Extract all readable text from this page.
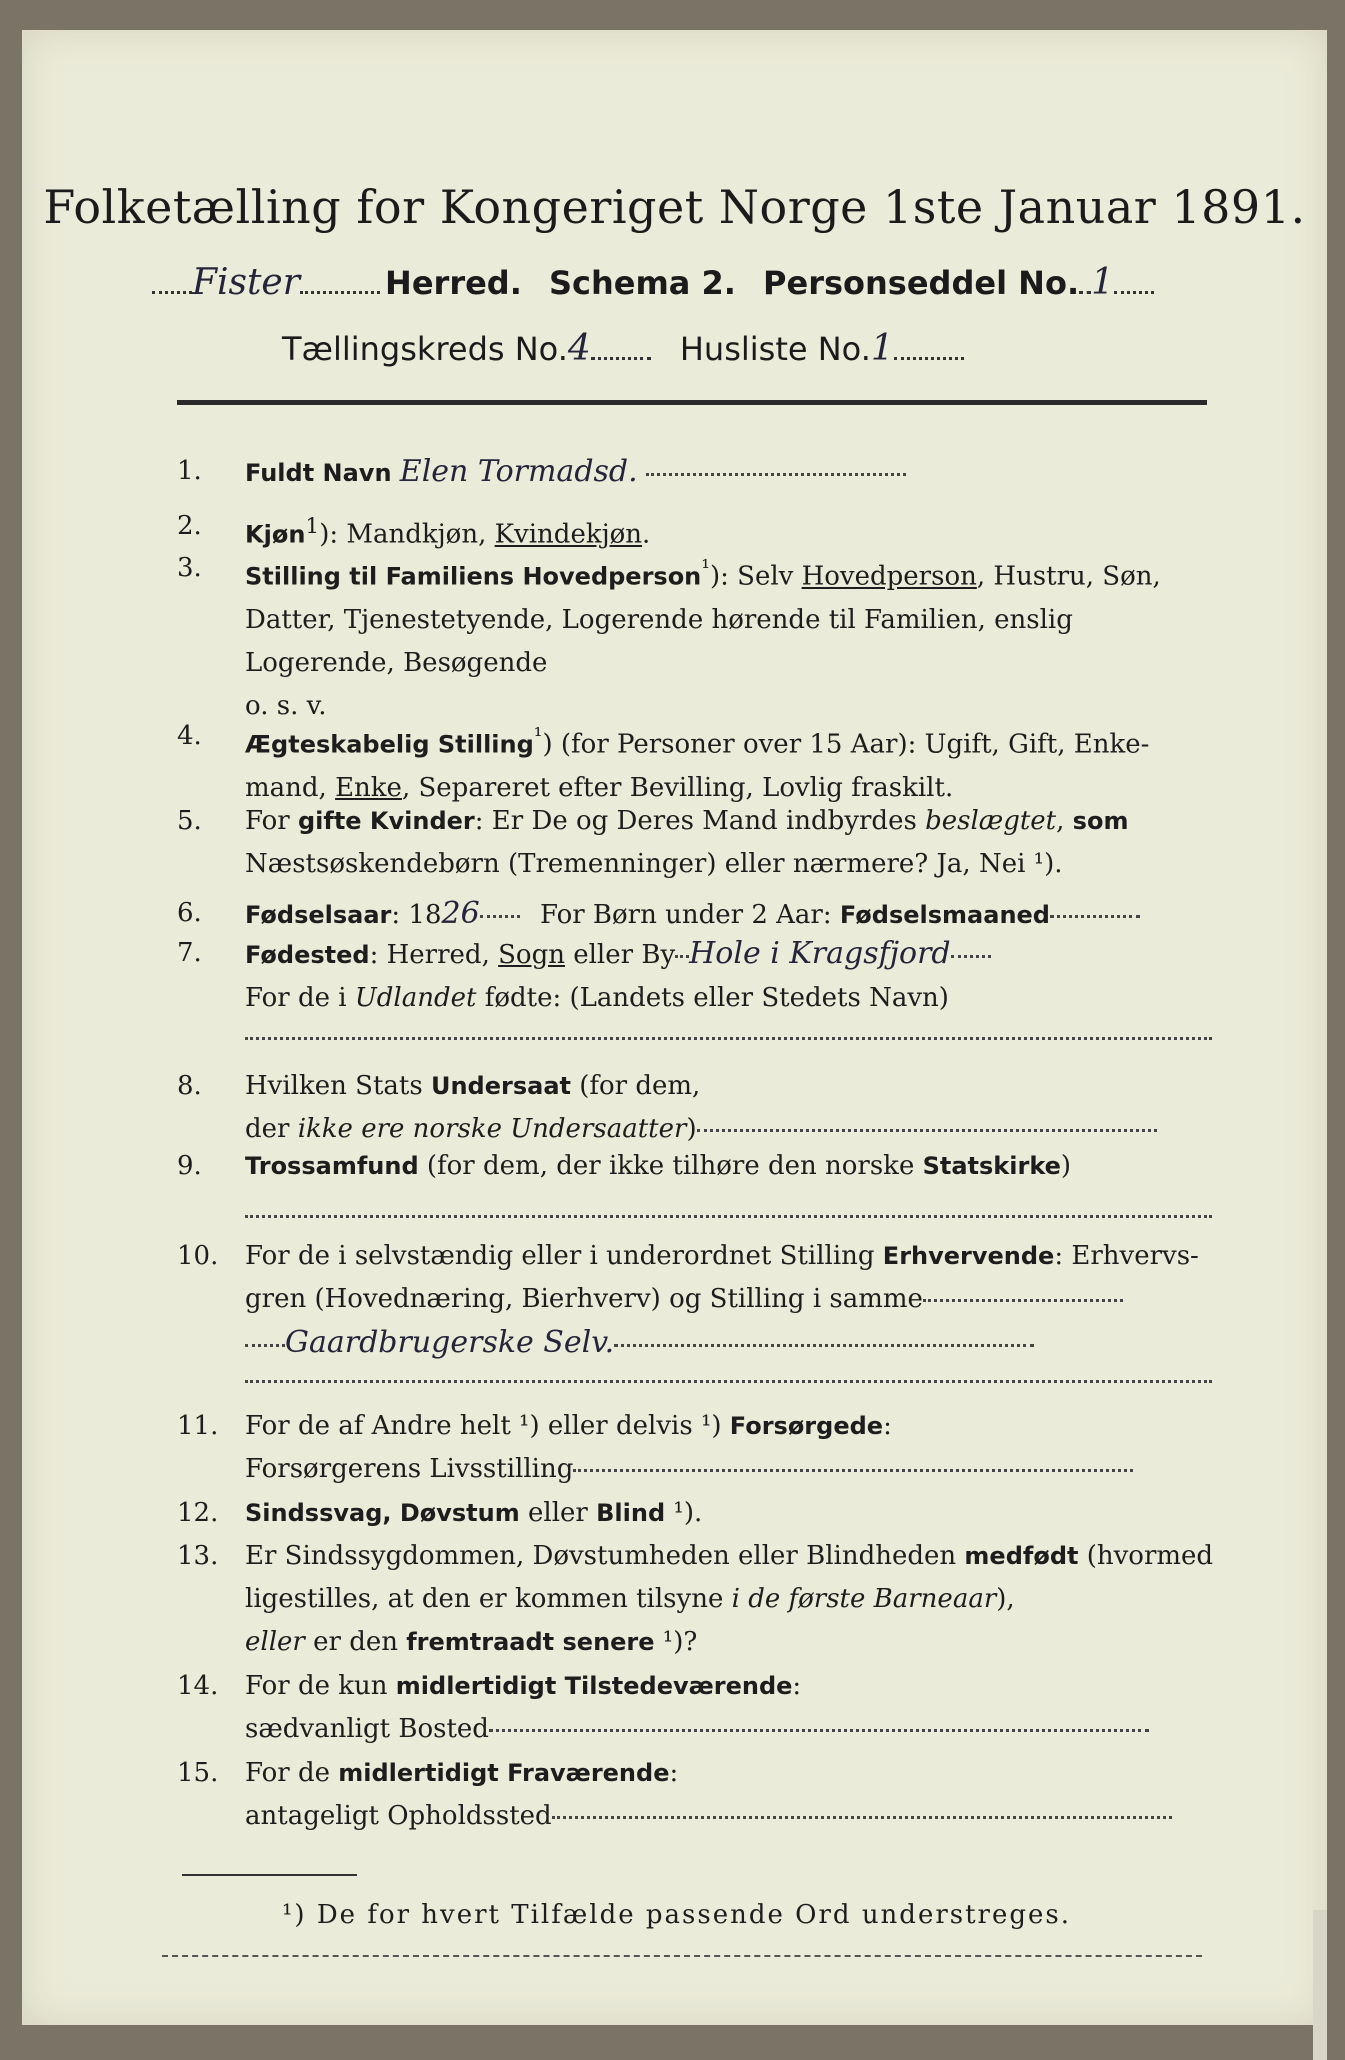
Folketælling for Kongeriget Norge 1ste Januar 1891.
Fister	Herred. Schema 2. Personseddel No. 1
Tællingskreds No.4	Husliste No.1
1.	Fuldt Navn Elen Tormadsd.
2.	Kjøn$^1$): Mandkjøn, Kvindekjøn.
3.	Stilling til Familiens Hovedperson$^{^1}$): Selv Hovedperson, Hustru, Søn,
Datter, Tjenestetyende, Logerende hørende til Familien, enslig
Logerende, Besøgende
o. s. v.
4.	Ægteskabelig Stilling$^{^1}$) (for Personer over 15 Aar): Ugift, Gift, Enke-
mand, Enke, Separeret efter Bevilling, Lovlig fraskilt.
5.	For gifte Kvinder: Er De og Deres Mand indbyrdes beslægtet, som
Næstsøskendebørn (Tremenninger) eller nærmere? Ja, Nei ¹).
6.	Fødselsaar: 1826 For Børn under 2 Aar: Fødselsmaaned
7.	Fødested: Herred, Sogn eller By Hole i Kragsfjord
For de i Udlandet fødte: (Landets eller Stedets Navn)
8.	Hvilken Stats Undersaat (for dem,
der ikke ere norske Undersaatter)
9.	Trossamfund (for dem, der ikke tilhøre den norske Statskirke)
10.	For de i selvstændig eller i underordnet Stilling Erhvervende: Erhvervs-
gren (Hovednæring, Bierhverv) og Stilling i samme
Gaardbrugerske Selv.
11.	For de af Andre helt ¹) eller delvis ¹) Forsørgede:
Forsørgerens Livsstilling
12.	Sindssvag, Døvstum eller Blind ¹).
13.	Er Sindssygdommen, Døvstumheden eller Blindheden medfødt (hvormed
ligestilles, at den er kommen tilsyne i de første Barneaar),
eller er den fremtraadt senere ¹)?
14.	For de kun midlertidigt Tilstedeværende:
sædvanligt Bosted
15.	For de midlertidigt Fraværende:
antageligt Opholdssted
¹) De for hvert Tilfælde passende Ord understreges.
